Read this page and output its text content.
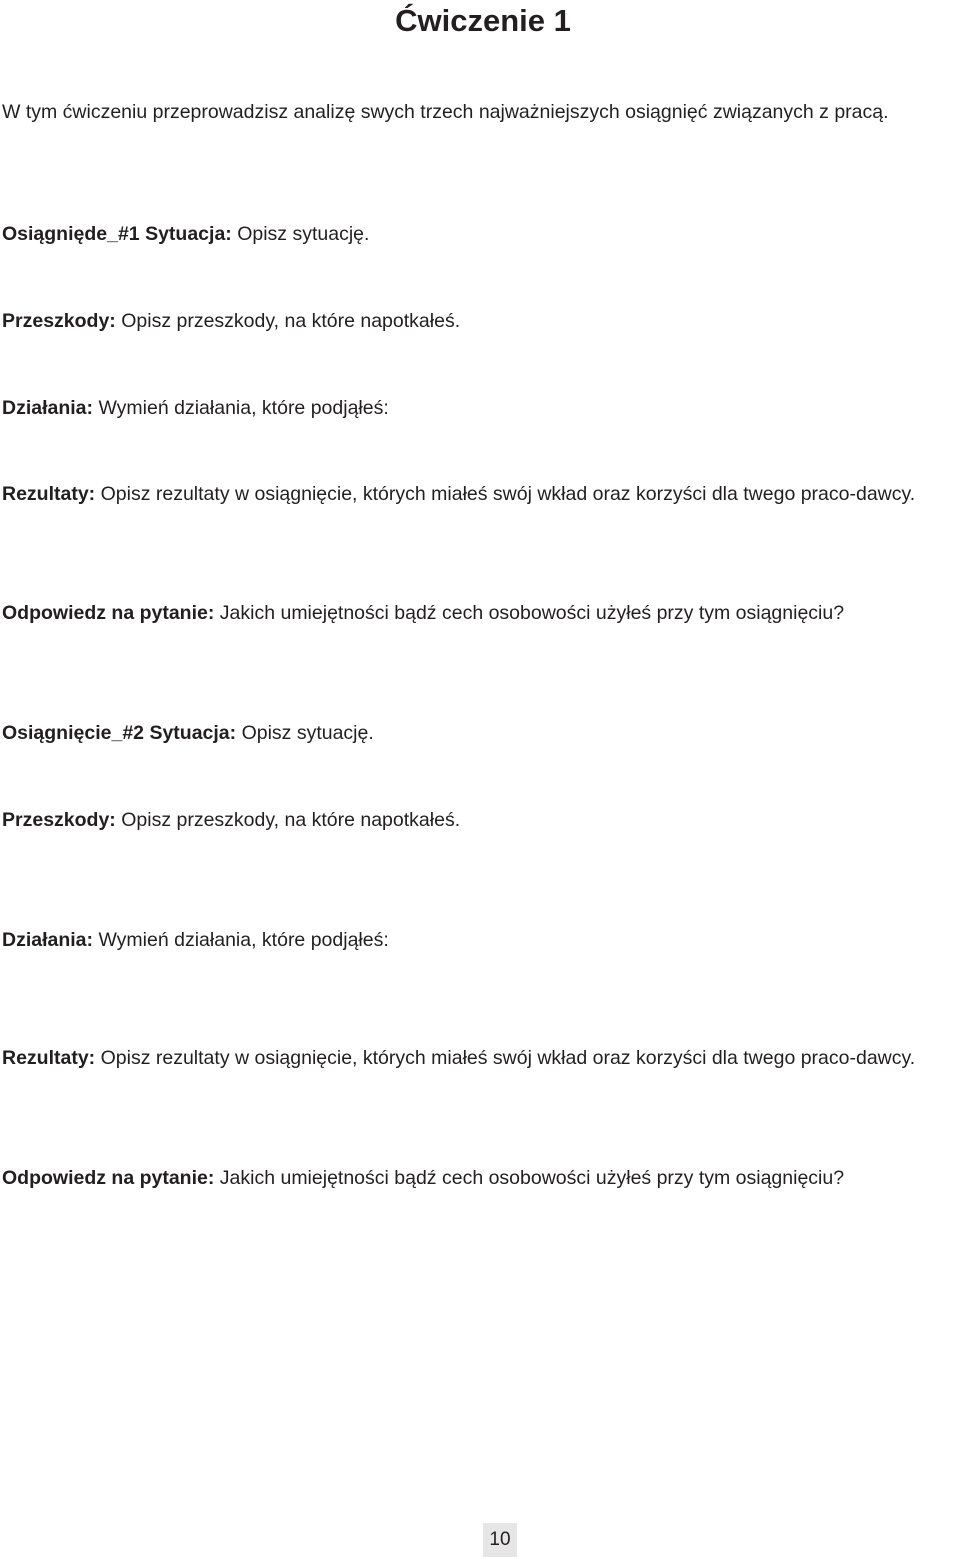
Ćwiczenie 1

W tym ćwiczeniu przeprowadzisz analizę swych trzech najważniejszych osiągnięć związanych z pracą.

Osiągnięde_#1 Sytuacja: Opisz sytuację.

Przeszkody: Opisz przeszkody, na które napotkałeś.

Działania: Wymień działania, które podjąłeś:

Rezultaty: Opisz rezultaty w osiągnięcie, których miałeś swój wkład oraz korzyści dla twego praco-dawcy.

Odpowiedz na pytanie: Jakich umiejętności bądź cech osobowości użyłeś przy tym osiągnięciu?

Osiągnięcie_#2 Sytuacja: Opisz sytuację.

Przeszkody: Opisz przeszkody, na które napotkałeś.

Działania: Wymień działania, które podjąłeś:

Rezultaty: Opisz rezultaty w osiągnięcie, których miałeś swój wkład oraz korzyści dla twego praco-dawcy.

Odpowiedz na pytanie: Jakich umiejętności bądź cech osobowości użyłeś przy tym osiągnięciu?

10
